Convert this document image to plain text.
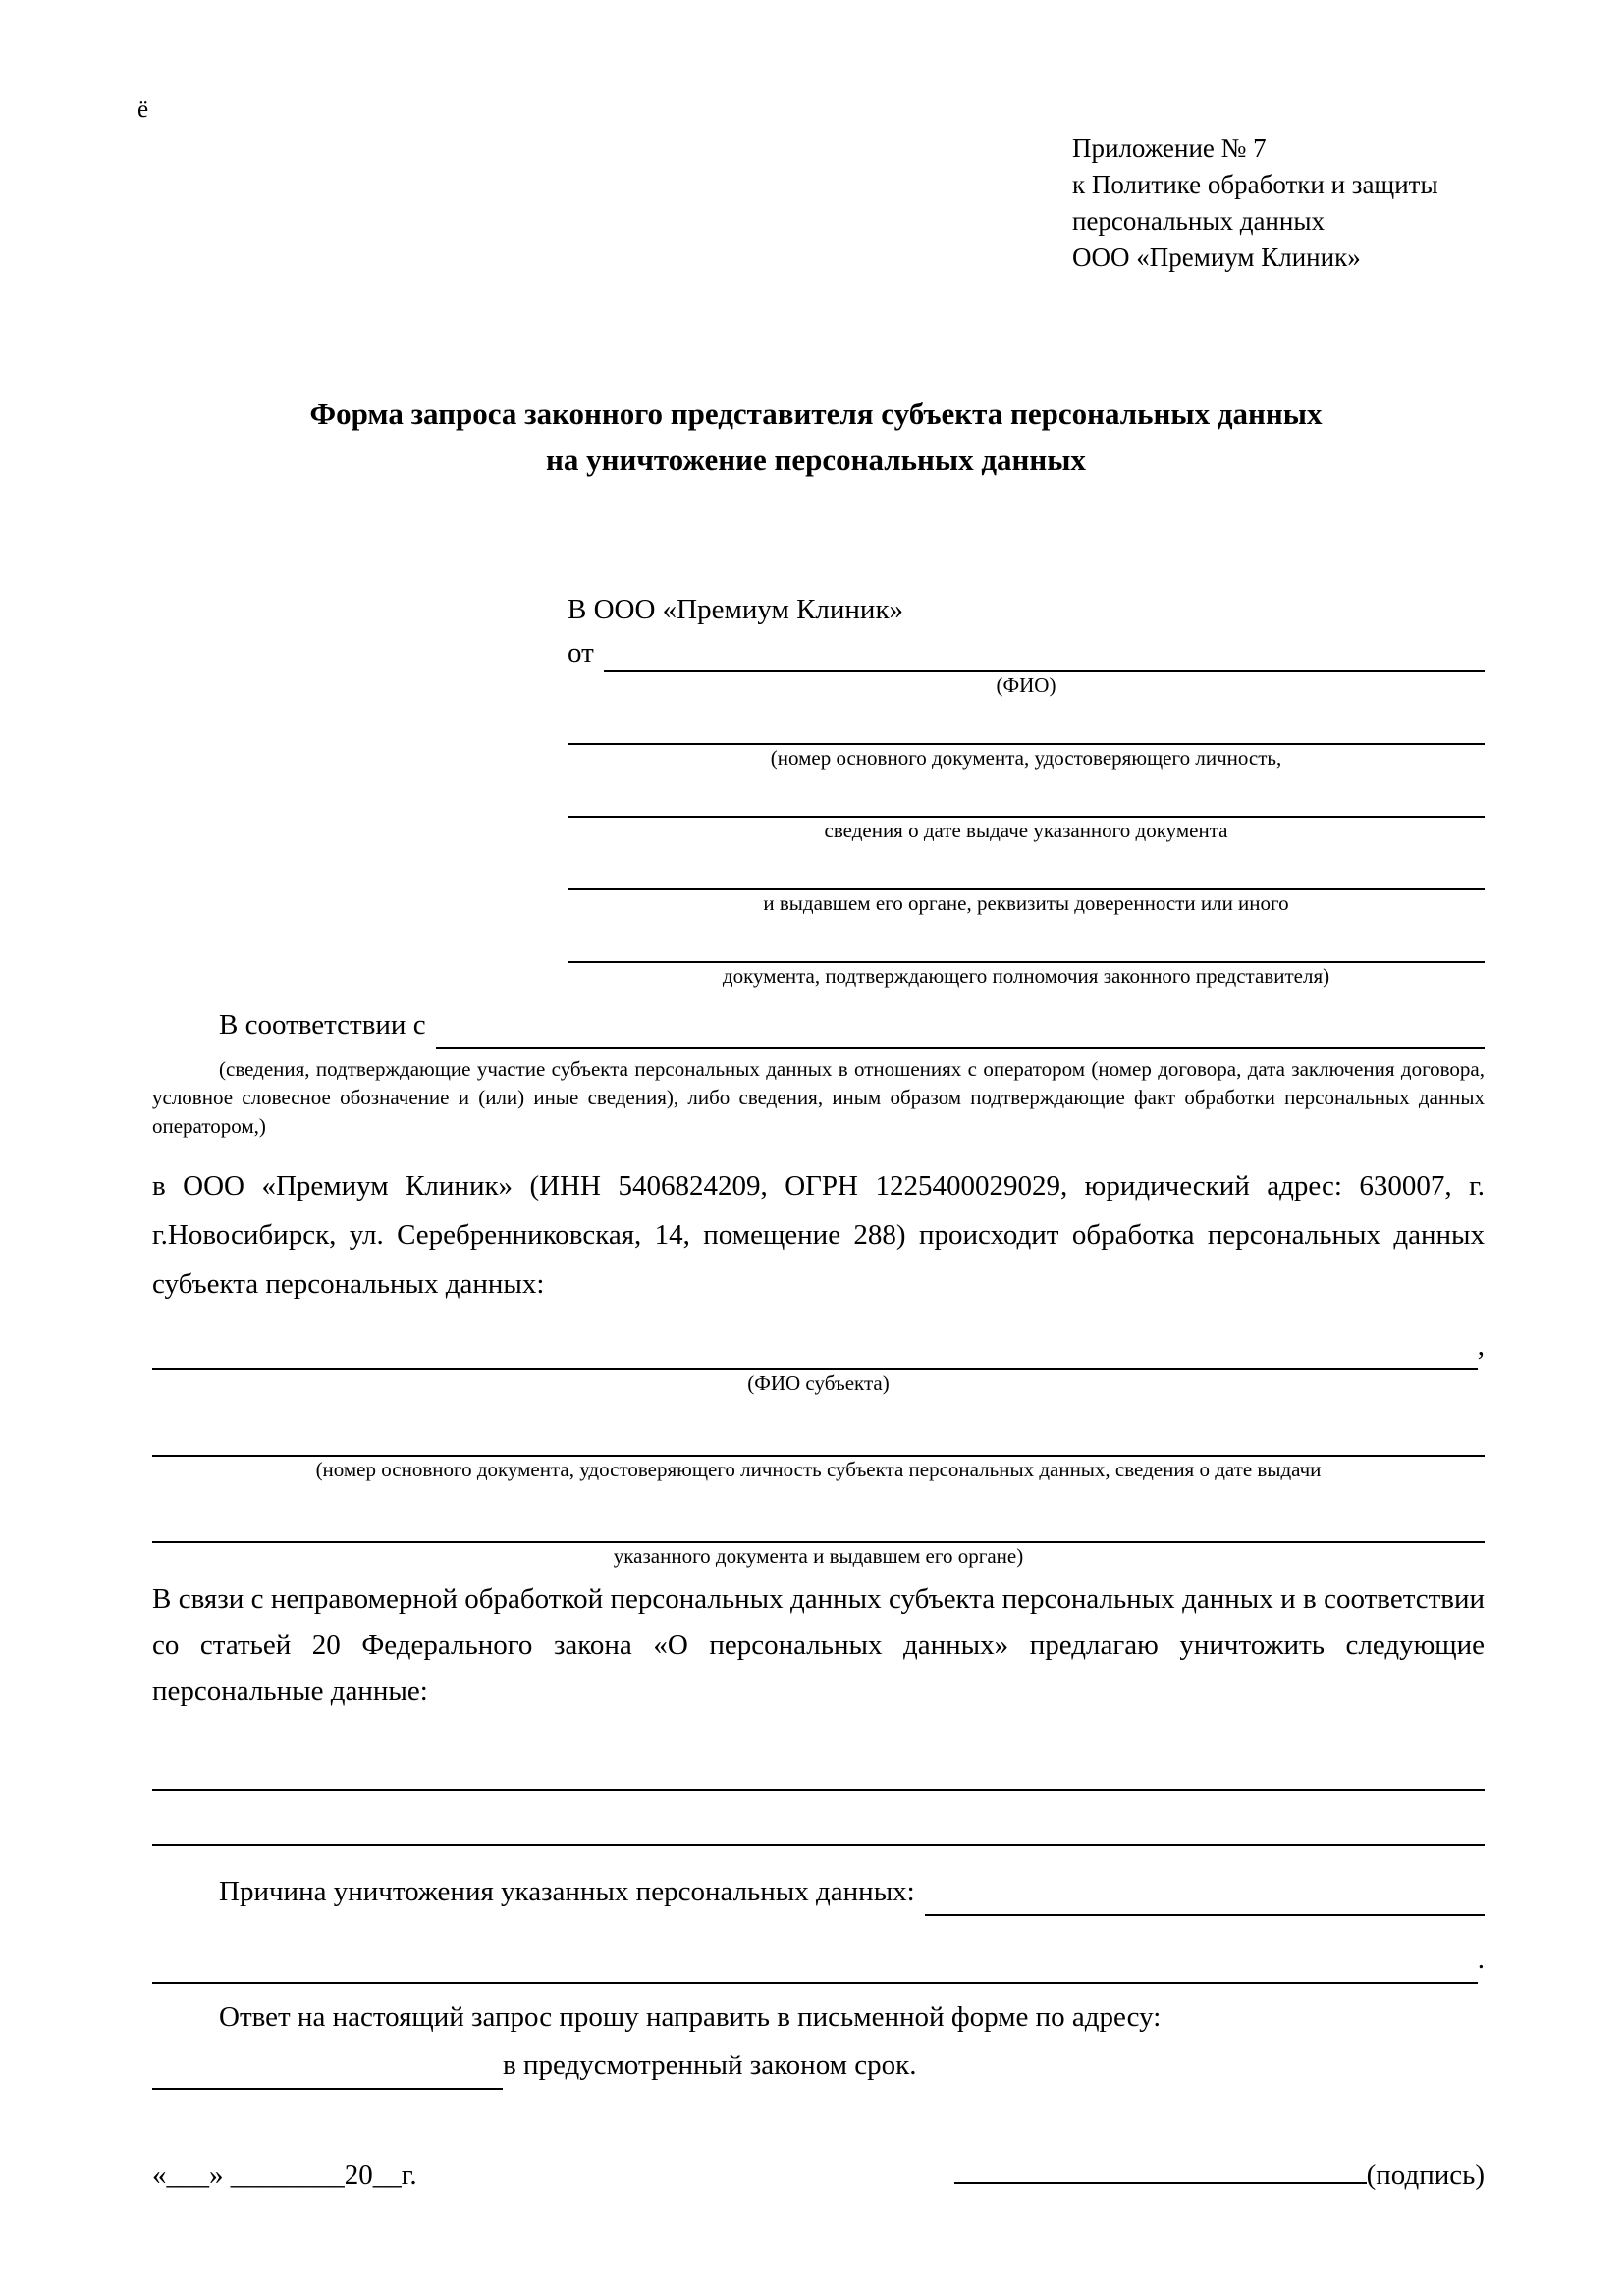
ё
Приложение № 7
к Политике обработки и защиты
персональных данных
ООО «Премиум Клиник»
Форма запроса законного представителя субъекта персональных данных
на уничтожение персональных данных
В ООО «Премиум Клиник»
от
(ФИО)
(номер основного документа, удостоверяющего личность,
сведения о дате выдаче указанного документа
и выдавшем его органе, реквизиты доверенности или иного
документа, подтверждающего полномочия законного представителя)
В соответствии с

(сведения, подтверждающие участие субъекта персональных данных в отношениях с оператором (номер договора, дата заключения договора, условное словесное обозначение и (или) иные сведения), либо сведения, иным образом подтверждающие факт обработки персональных данных оператором,)

в ООО «Премиум Клиник» (ИНН 5406824209, ОГРН 1225400029029, юридический адрес: 630007, г. г.Новосибирск, ул. Серебренниковская, 14, помещение 288) происходит обработка персональных данных субъекта персональных данных:

,
(ФИО субъекта)
(номер основного документа, удостоверяющего личность субъекта персональных данных, сведения о дате выдачи
указанного документа и выдавшем его органе)

В связи с неправомерной обработкой персональных данных субъекта персональных данных и в соответствии со статьей 20 Федерального закона «О персональных данных» предлагаю уничтожить следующие персональные данные:

Причина уничтожения указанных персональных данных:
.

Ответ на настоящий запрос прошу направить в письменной форме по адресу:

в предусмотренный законом срок.
«___» ________20__г.	(подпись)
